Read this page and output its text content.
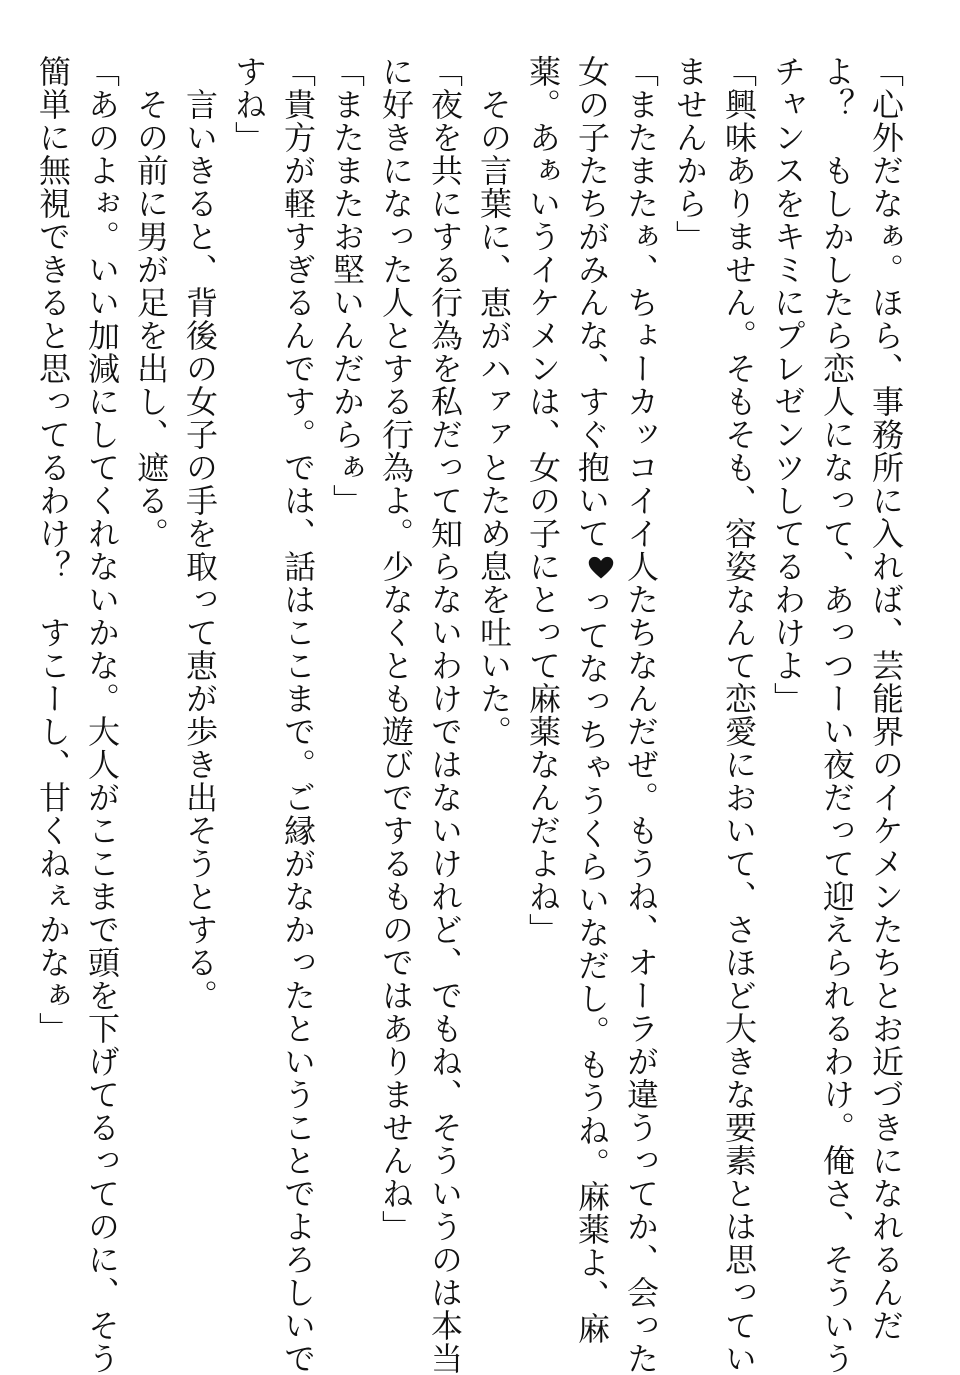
「心外だなぁ。ほら、事務所に入れば、芸能界のイケメンたちとお近づきになれるんだ

よ？　もしかしたら恋人になって、あっつーい夜だって迎えられるわけ。俺さ、そういう

チャンスをキミにプレゼンツしてるわけよ」

「興味ありません。そもそも、容姿なんて恋愛において、さほど大きな要素とは思ってい

ませんから」

「またまたぁ、ちょーカッコイイ人たちなんだぜ。もうね、オーラが違うってか、会った

女の子たちがみんな、すぐ抱いて
ってなっちゃうくらいなだし。もうね。麻薬よ、麻

薬。あぁいうイケメンは、女の子にとって麻薬なんだよね」

　その言葉に、恵がハァァとため息を吐いた。

「夜を共にする行為を私だって知らないわけではないけれど、でもね、そういうのは本当

に好きになった人とする行為よ。少なくとも遊びでするものではありませんね」

「またまたお堅いんだからぁ」

「貴方が軽すぎるんです。では、話はここまで。ご縁がなかったということでよろしいで

すね」

　言いきると、背後の女子の手を取って恵が歩き出そうとする。

　その前に男が足を出し、遮る。

「あのよぉ。いい加減にしてくれないかな。大人がここまで頭を下げてるってのに、そう

簡単に無視できると思ってるわけ？　すこーし、甘くねぇかなぁ」
